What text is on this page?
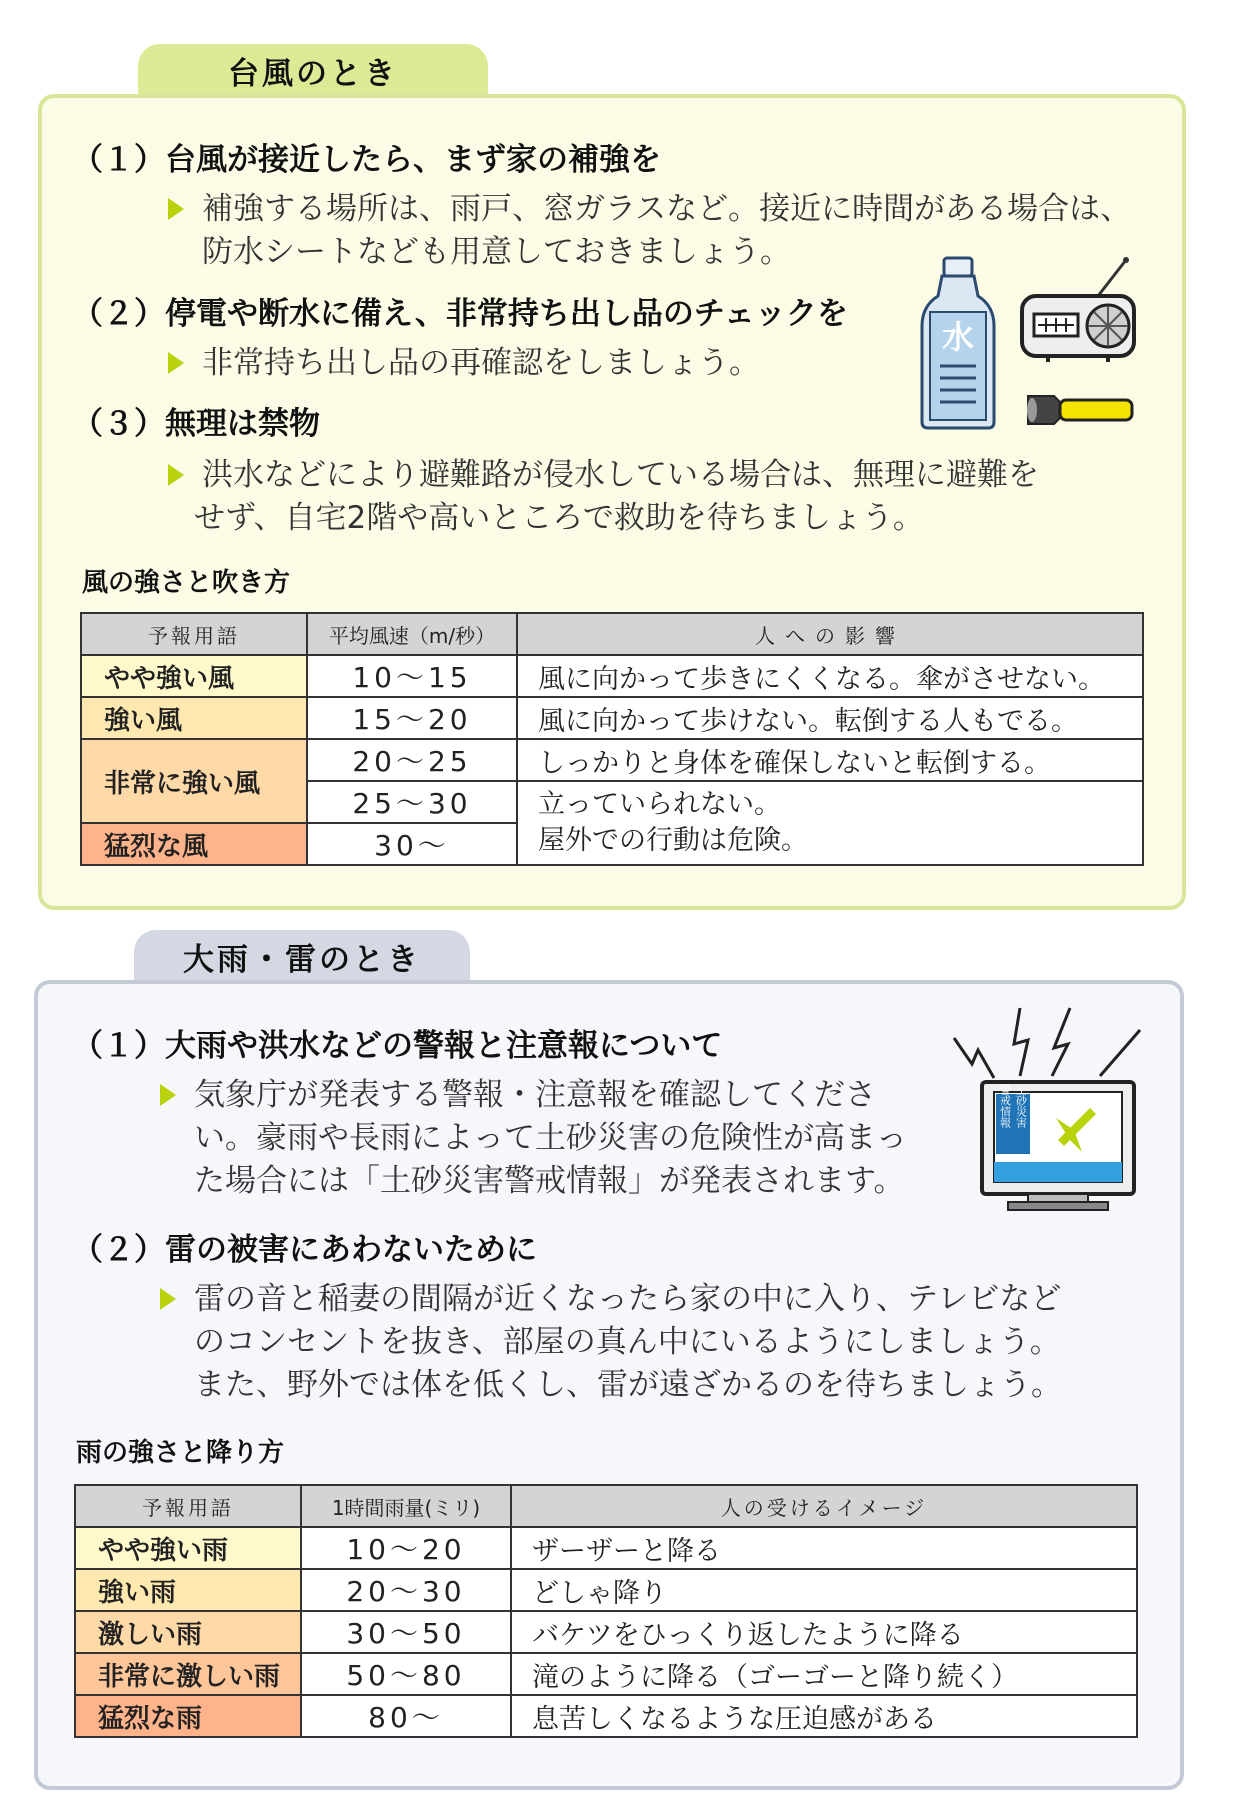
台風のとき
（１）台風が接近したら、まず家の補強を
補強する場所は、雨戸、窓ガラスなど。接近に時間がある場合は、
防水シートなども用意しておきましょう。
（２）停電や断水に備え、非常持ち出し品のチェックを
非常持ち出し品の再確認をしましょう。
（３）無理は禁物
洪水などにより避難路が侵水している場合は、無理に避難を
せず、自宅2階や高いところで救助を待ちましょう。
水
風の強さと吹き方
予報用語	平均風速（m/秒）	人への影響
やや強い風	10～15	風に向かって歩きにくくなる。傘がさせない。
強い風	15～20	風に向かって歩けない。転倒する人もでる。
非常に強い風	20～25	しっかりと身体を確保しないと転倒する。
	25～30	立っていられない。
屋外での行動は危険。

猛烈な風	30～	
大雨・雷のとき
（１）大雨や洪水などの警報と注意報について
気象庁が発表する警報・注意報を確認してくださ
い。豪雨や長雨によって土砂災害の危険性が高まっ
た場合には「土砂災害警戒情報」が発表されます。
警戒情報 土砂災害
（２）雷の被害にあわないために
雷の音と稲妻の間隔が近くなったら家の中に入り、テレビなど
のコンセントを抜き、部屋の真ん中にいるようにしましょう。
また、野外では体を低くし、雷が遠ざかるのを待ちましょう。
雨の強さと降り方
予報用語	1時間雨量(ミリ)	人の受けるイメージ
やや強い雨	10～20	ザーザーと降る
強い雨	20～30	どしゃ降り
激しい雨	30～50	バケツをひっくり返したように降る
非常に激しい雨	50～80	滝のように降る（ゴーゴーと降り続く）
猛烈な雨	80～	息苦しくなるような圧迫感がある
